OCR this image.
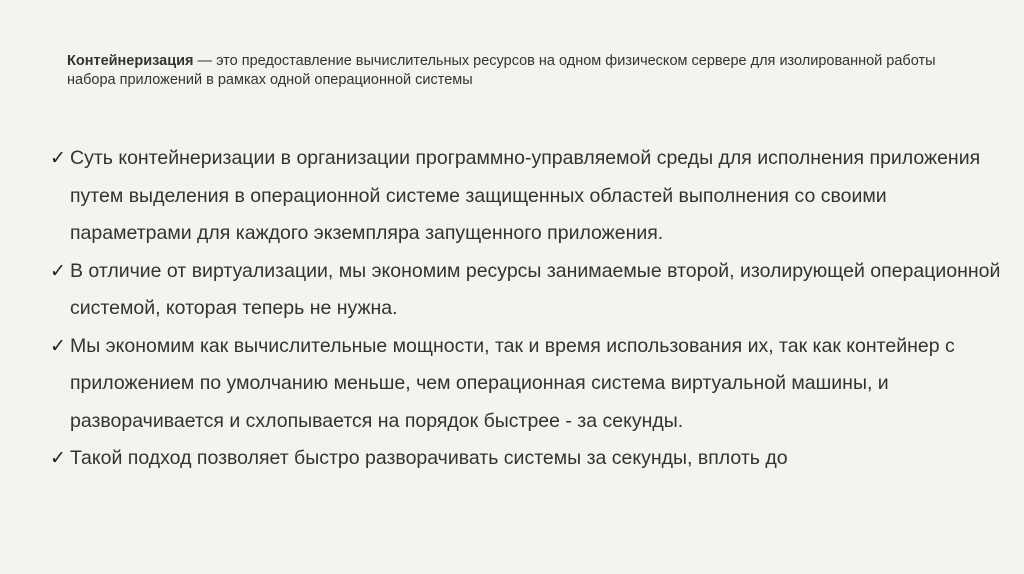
Контейнеризация — это предоставление вычислительных ресурсов на одном физическом сервере для изолированной работы набора приложений в рамках одной операционной системы
✓ Суть контейнеризации в организации программно-управляемой среды для исполнения приложения путем выделения в операционной системе защищенных областей выполнения со своими параметрами для каждого экземпляра запущенного приложения.
✓ В отличие от виртуализации, мы экономим ресурсы занимаемые второй, изолирующей операционной системой, которая теперь не нужна.
✓ Мы экономим как вычислительные мощности, так и время использования их, так как контейнер с приложением по умолчанию меньше, чем операционная система виртуальной машины, и разворачивается и схлопывается на порядок быстрее - за секунды.
✓ Такой подход позволяет быстро разворачивать системы за секунды, вплоть до
